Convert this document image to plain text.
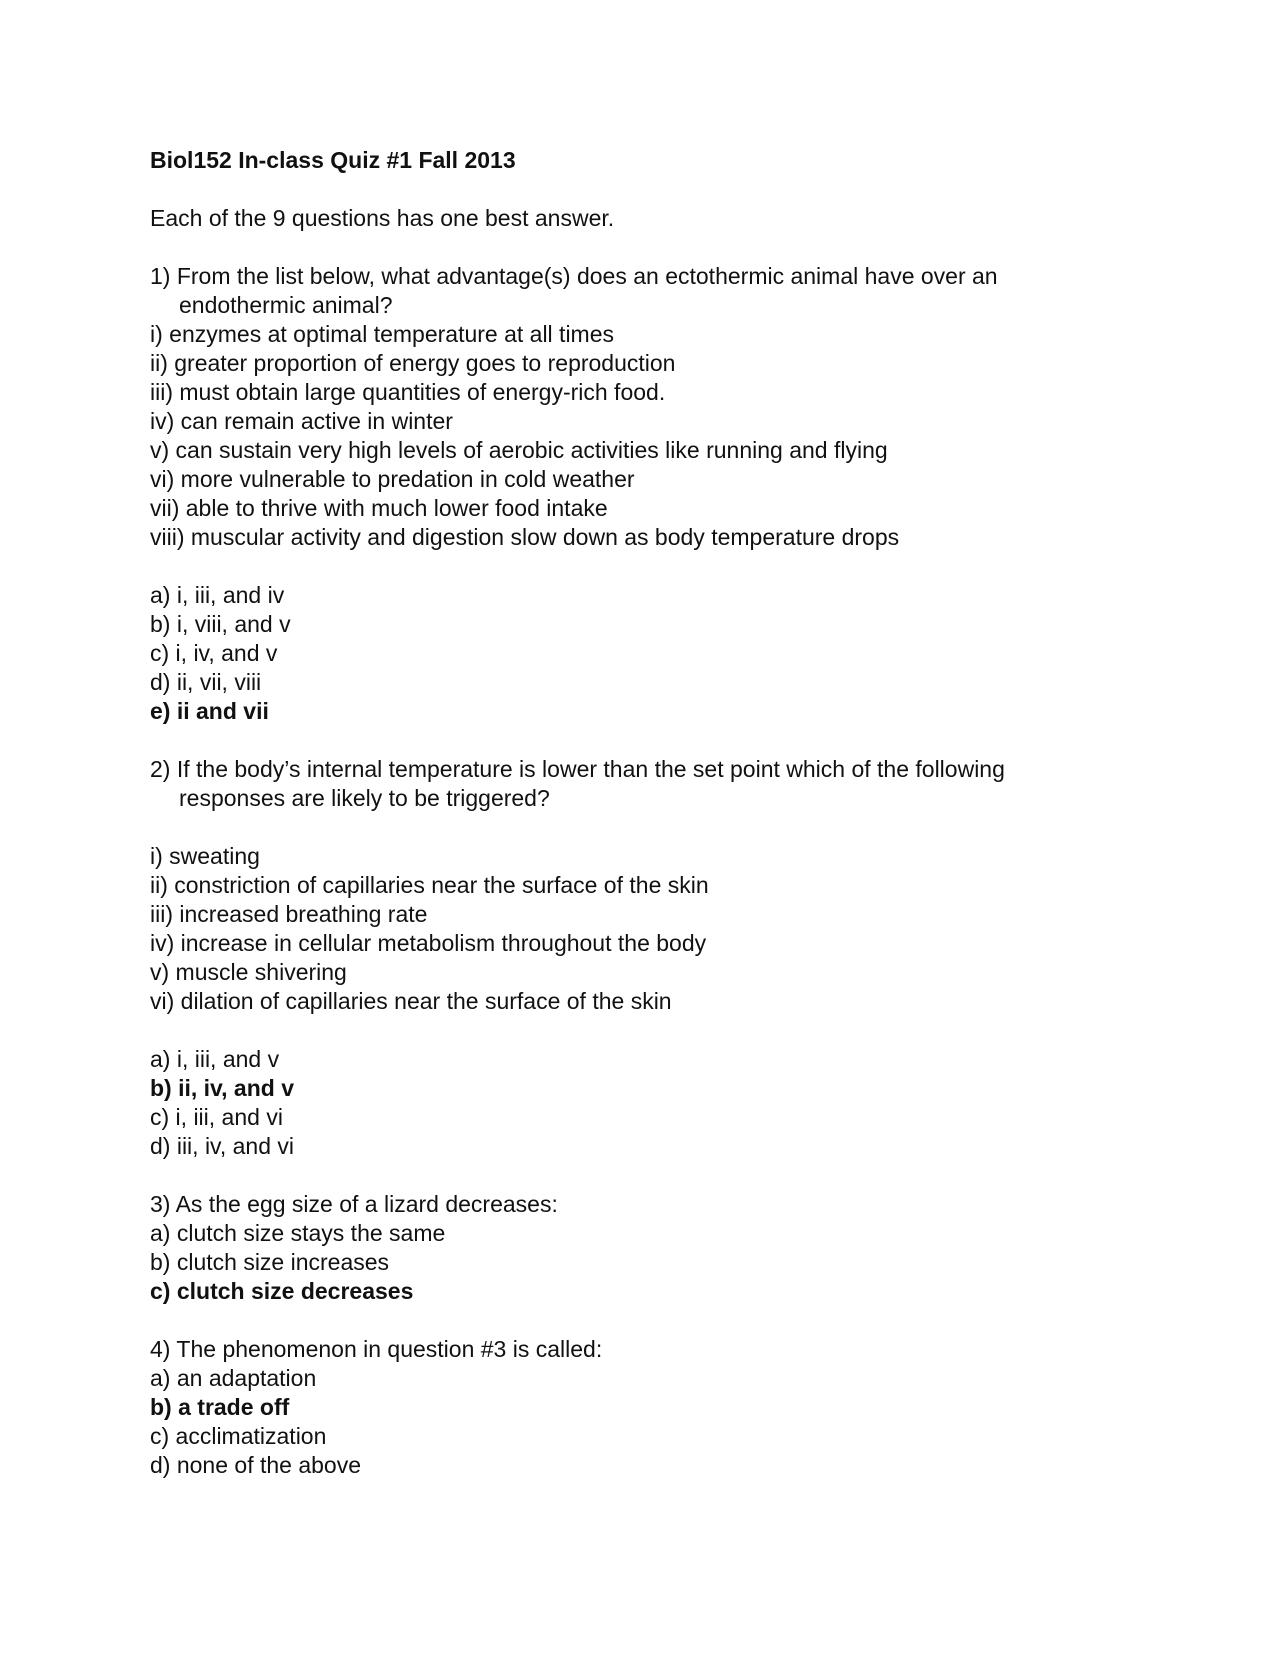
Biol152 In-class Quiz #1 Fall 2013
Each of the 9 questions has one best answer.
1) From the list below, what advantage(s) does an ectothermic animal have over an
endothermic animal?
i) enzymes at optimal temperature at all times
ii) greater proportion of energy goes to reproduction
iii) must obtain large quantities of energy-rich food.
iv) can remain active in winter
v) can sustain very high levels of aerobic activities like running and flying
vi) more vulnerable to predation in cold weather
vii) able to thrive with much lower food intake
viii) muscular activity and digestion slow down as body temperature drops
a) i, iii, and iv
b) i, viii, and v
c) i, iv, and v
d) ii, vii, viii
e) ii and vii
2) If the body’s internal temperature is lower than the set point which of the following
responses are likely to be triggered?
i) sweating
ii) constriction of capillaries near the surface of the skin
iii) increased breathing rate
iv) increase in cellular metabolism throughout the body
v) muscle shivering
vi) dilation of capillaries near the surface of the skin
a) i, iii, and v
b) ii, iv, and v
c) i, iii, and vi
d) iii, iv, and vi
3) As the egg size of a lizard decreases:
a) clutch size stays the same
b) clutch size increases
c) clutch size decreases
4) The phenomenon in question #3 is called:
a) an adaptation
b) a trade off
c) acclimatization
d) none of the above
